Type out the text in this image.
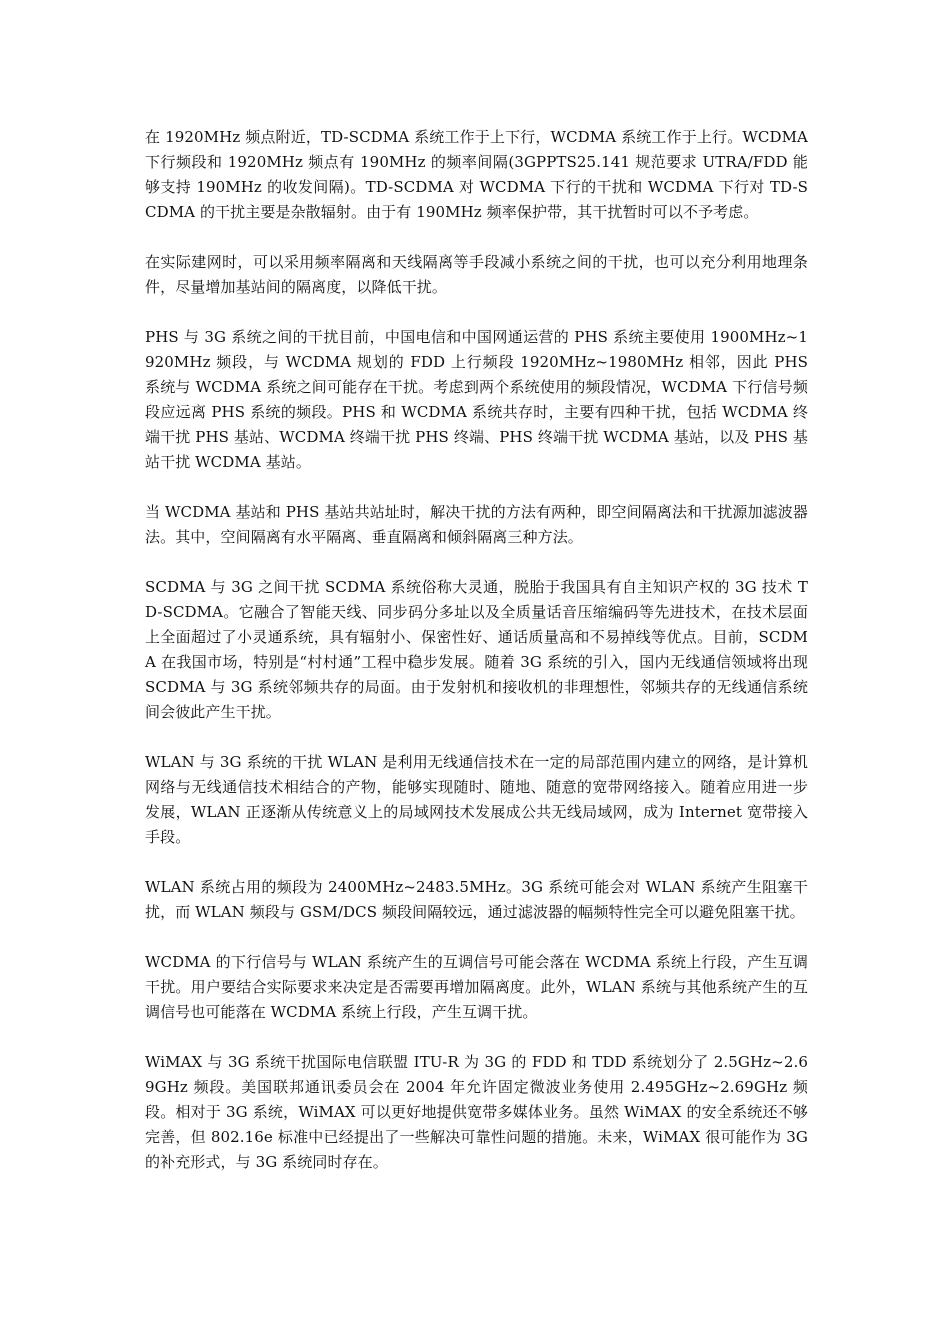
在 1920MHz 频点附近，TD-SCDMA 系统工作于上下行，WCDMA 系统工作于上行。WCDMA 下行频段和 1920MHz 频点有 190MHz 的频率间隔(3GPPTS25.141 规范要求 UTRA/FDD 能够支持 190MHz 的收发间隔)。TD-SCDMA 对 WCDMA 下行的干扰和 WCDMA 下行对 TD-SCDMA 的干扰主要是杂散辐射。由于有 190MHz 频率保护带，其干扰暂时可以不予考虑。

在实际建网时，可以采用频率隔离和天线隔离等手段减小系统之间的干扰，也可以充分利用地理条件，尽量增加基站间的隔离度，以降低干扰。

PHS 与 3G 系统之间的干扰目前，中国电信和中国网通运营的 PHS 系统主要使用 1900MHz~1920MHz 频段，与 WCDMA 规划的 FDD 上行频段 1920MHz~1980MHz 相邻，因此 PHS 系统与 WCDMA 系统之间可能存在干扰。考虑到两个系统使用的频段情况，WCDMA 下行信号频段应远离 PHS 系统的频段。PHS 和 WCDMA 系统共存时，主要有四种干扰，包括 WCDMA 终端干扰 PHS 基站、WCDMA 终端干扰 PHS 终端、PHS 终端干扰 WCDMA 基站，以及 PHS 基站干扰 WCDMA 基站。

当 WCDMA 基站和 PHS 基站共站址时，解决干扰的方法有两种，即空间隔离法和干扰源加滤波器法。其中，空间隔离有水平隔离、垂直隔离和倾斜隔离三种方法。

SCDMA 与 3G 之间干扰 SCDMA 系统俗称大灵通，脱胎于我国具有自主知识产权的 3G 技术 TD-SCDMA。它融合了智能天线、同步码分多址以及全质量话音压缩编码等先进技术，在技术层面上全面超过了小灵通系统，具有辐射小、保密性好、通话质量高和不易掉线等优点。目前，SCDMA 在我国市场，特别是“村村通”工程中稳步发展。随着 3G 系统的引入，国内无线通信领域将出现 SCDMA 与 3G 系统邻频共存的局面。由于发射机和接收机的非理想性，邻频共存的无线通信系统间会彼此产生干扰。

WLAN 与 3G 系统的干扰 WLAN 是利用无线通信技术在一定的局部范围内建立的网络，是计算机网络与无线通信技术相结合的产物，能够实现随时、随地、随意的宽带网络接入。随着应用进一步发展，WLAN 正逐渐从传统意义上的局域网技术发展成公共无线局域网，成为 Internet 宽带接入手段。

WLAN 系统占用的频段为 2400MHz~2483.5MHz。3G 系统可能会对 WLAN 系统产生阻塞干扰，而 WLAN 频段与 GSM/DCS 频段间隔较远，通过滤波器的幅频特性完全可以避免阻塞干扰。

WCDMA 的下行信号与 WLAN 系统产生的互调信号可能会落在 WCDMA 系统上行段，产生互调干扰。用户要结合实际要求来决定是否需要再增加隔离度。此外，WLAN 系统与其他系统产生的互调信号也可能落在 WCDMA 系统上行段，产生互调干扰。

WiMAX 与 3G 系统干扰国际电信联盟 ITU-R 为 3G 的 FDD 和 TDD 系统划分了 2.5GHz~2.69GHz 频段。美国联邦通讯委员会在 2004 年允许固定微波业务使用 2.495GHz~2.69GHz 频段。相对于 3G 系统，WiMAX 可以更好地提供宽带多媒体业务。虽然 WiMAX 的安全系统还不够完善，但 802.16e 标准中已经提出了一些解决可靠性问题的措施。未来，WiMAX 很可能作为 3G 的补充形式，与 3G 系统同时存在。
